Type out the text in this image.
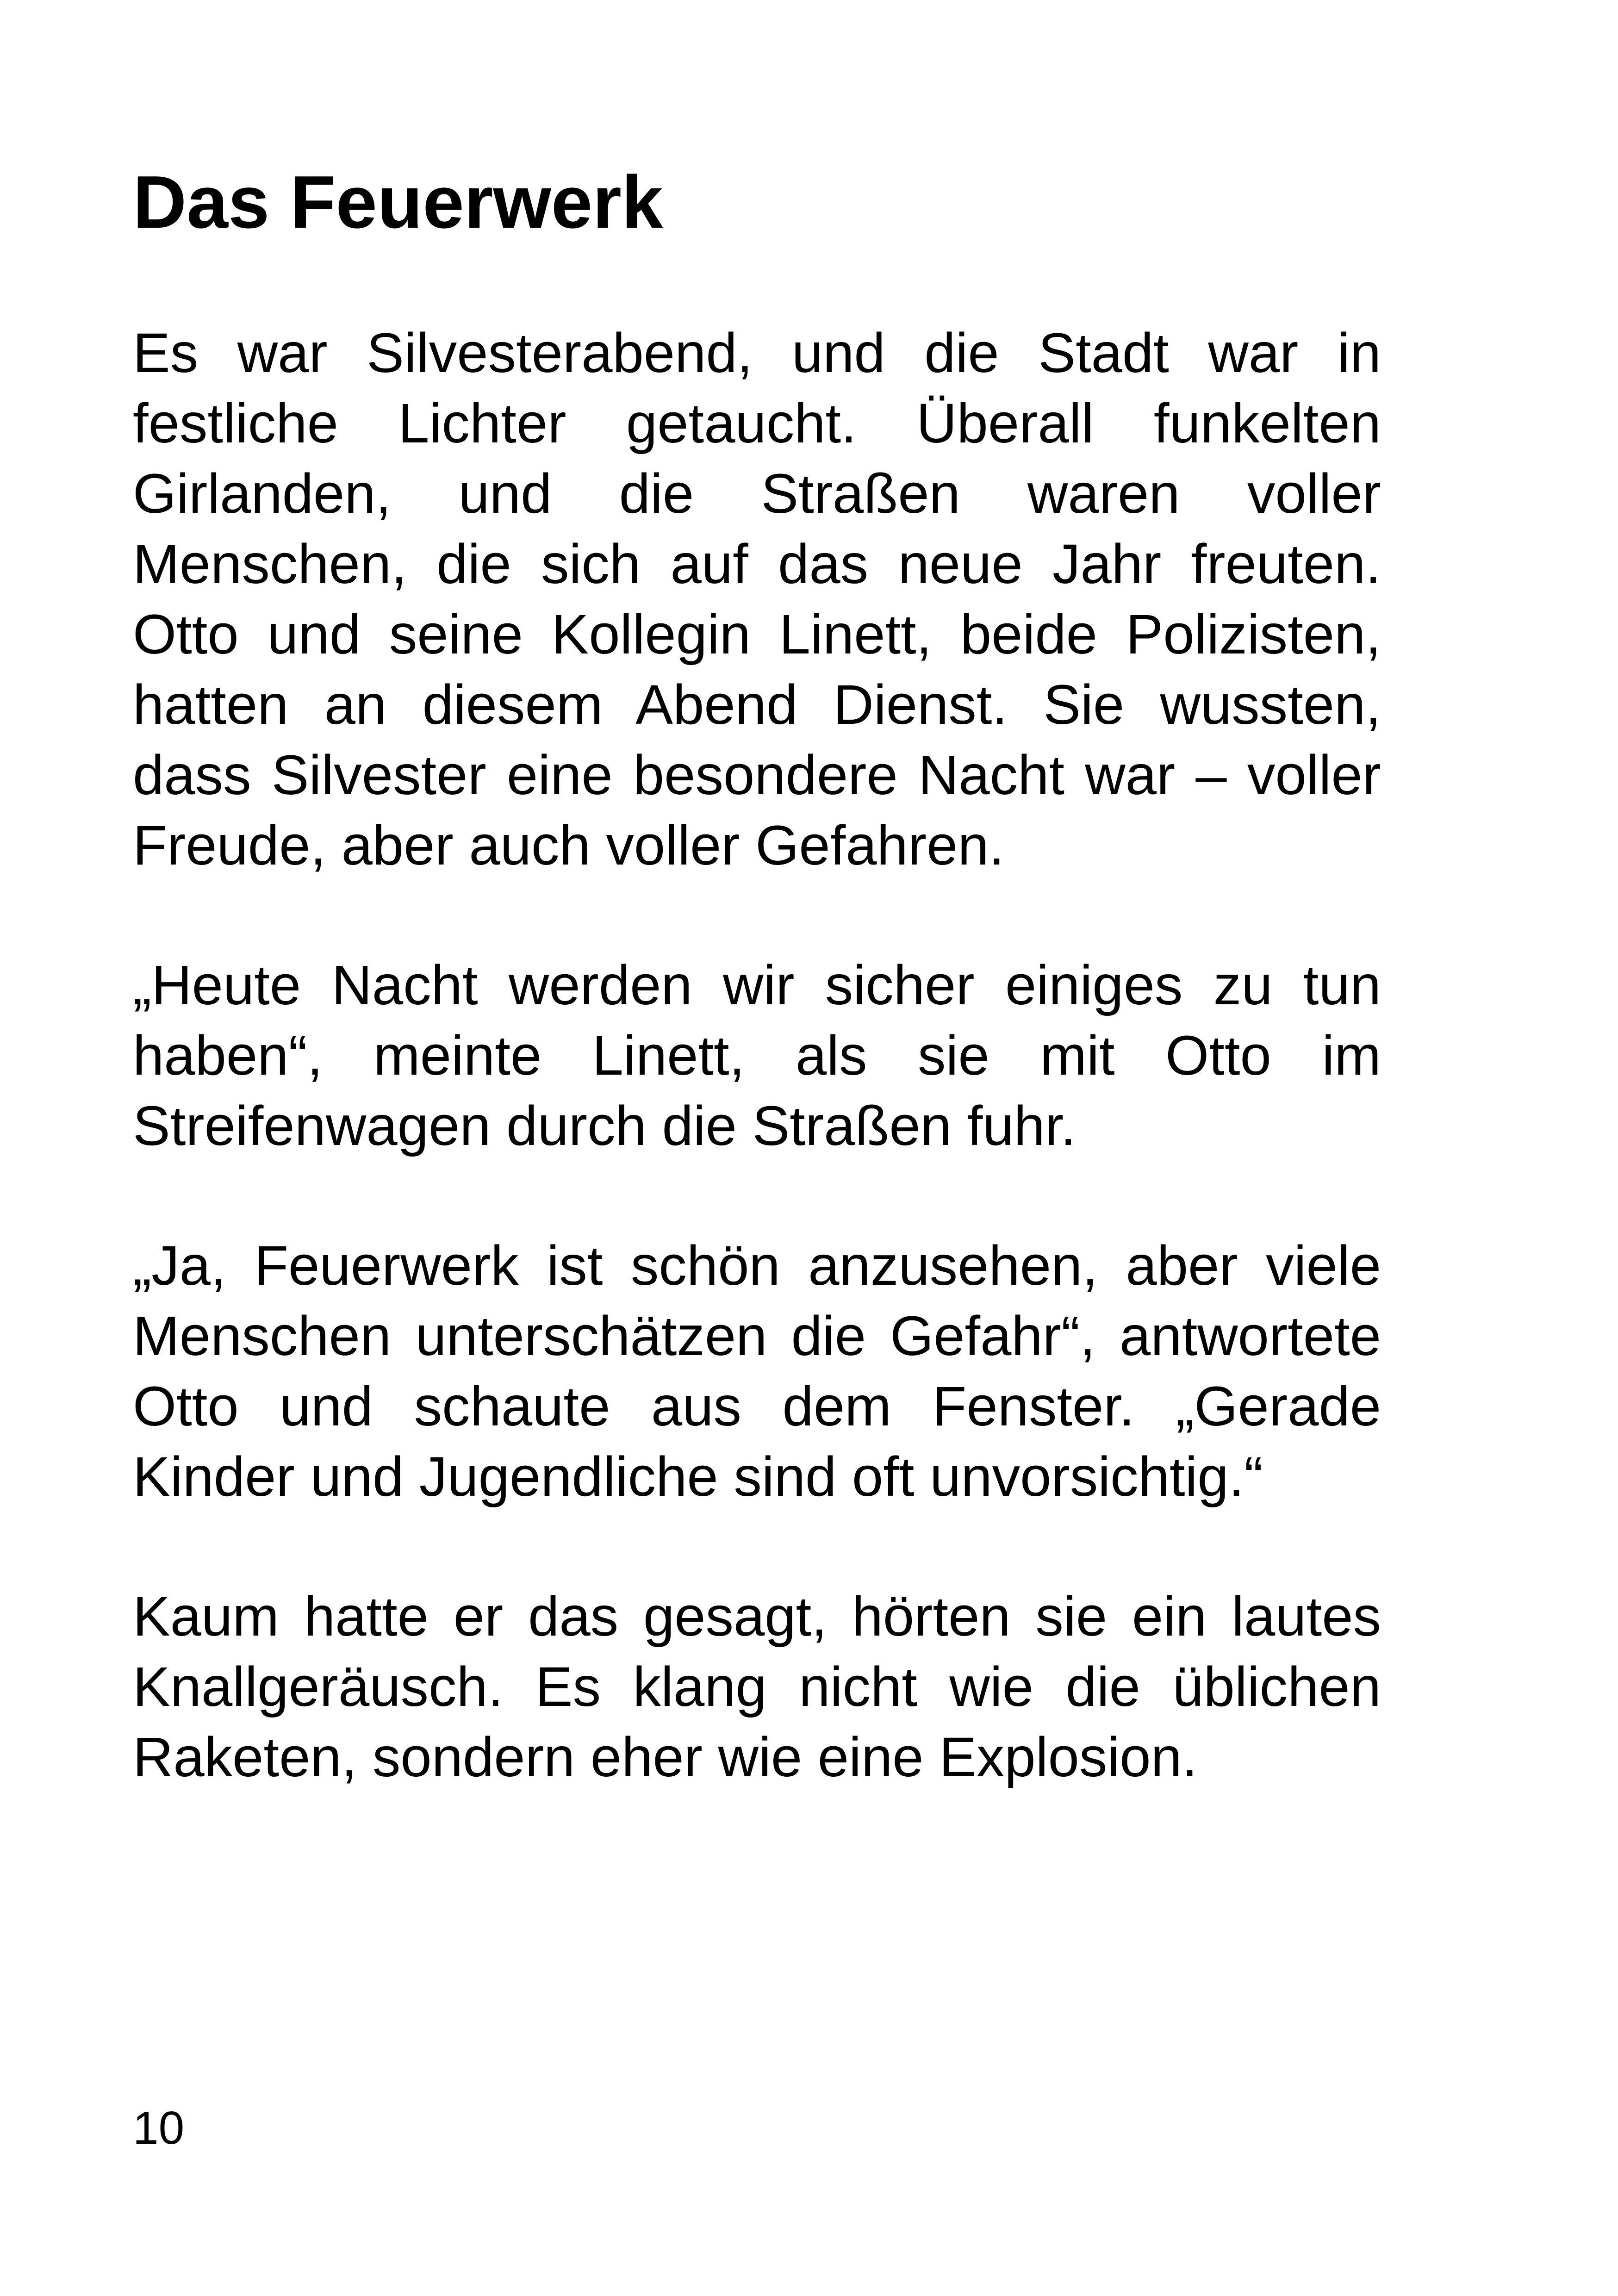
Das Feuerwerk

Es war Silvesterabend, und die Stadt war in festliche Lichter getaucht. Überall funkelten Girlanden, und die Straßen waren voller Menschen, die sich auf das neue Jahr freuten. Otto und seine Kollegin Linett, beide Polizisten, hatten an diesem Abend Dienst. Sie wussten, dass Silvester eine besondere Nacht war – voller Freude, aber auch voller Gefahren.

„Heute Nacht werden wir sicher einiges zu tun haben“, meinte Linett, als sie mit Otto im Streifenwagen durch die Straßen fuhr.

„Ja, Feuerwerk ist schön anzusehen, aber viele Menschen unterschätzen die Gefahr“, antwortete Otto und schaute aus dem Fenster. „Gerade Kinder und Jugendliche sind oft unvorsichtig.“

Kaum hatte er das gesagt, hörten sie ein lautes Knallgeräusch. Es klang nicht wie die üblichen Raketen, sondern eher wie eine Explosion.

10
